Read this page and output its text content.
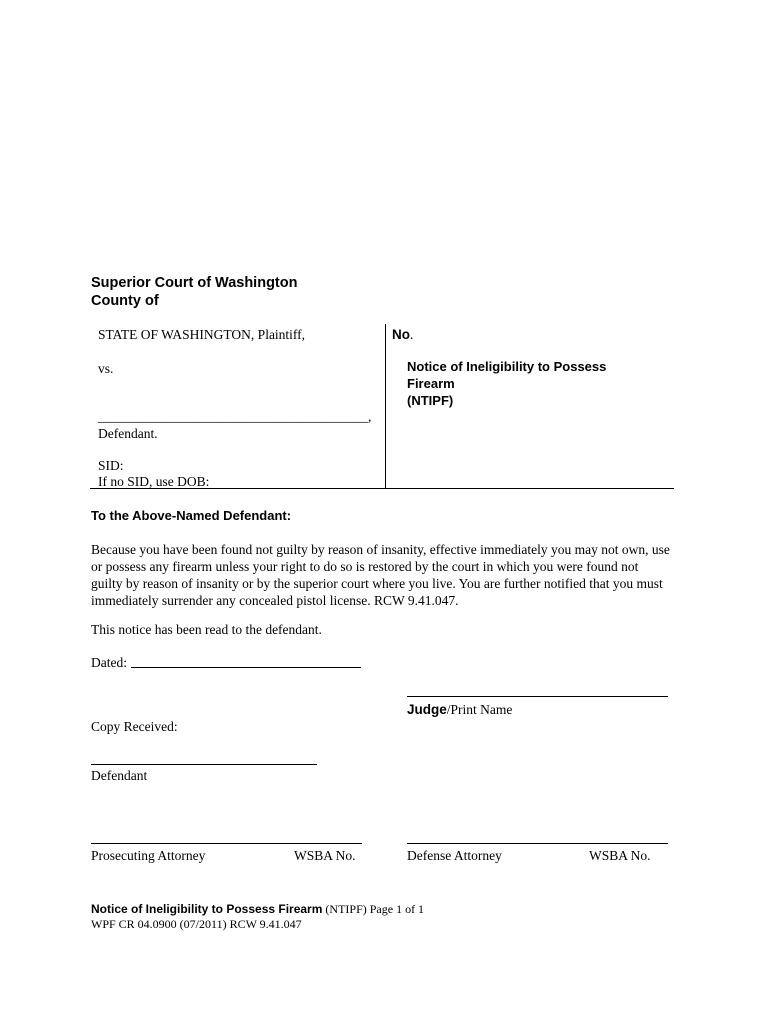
Superior Court of Washington
County of
STATE OF WASHINGTON, Plaintiff,
vs.
________________________________________,
Defendant.
SID:
If no SID, use DOB:
No.
Notice of Ineligibility to Possess
Firearm
(NTIPF)
To the Above-Named Defendant:
Because you have been found not guilty by reason of insanity, effective immediately you may not own, use
or possess any firearm unless your right to do so is restored by the court in which you were found not
guilty by reason of insanity or by the superior court where you live. You are further notified that you must
immediately surrender any concealed pistol license. RCW 9.41.047.
This notice has been read to the defendant.
Dated:
Judge/Print Name
Copy Received:
Defendant
Prosecuting Attorney	WSBA No.	Defense Attorney	WSBA No.
Notice of Ineligibility to Possess Firearm (NTIPF) Page 1 of 1
WPF CR 04.0900 (07/2011) RCW 9.41.047
